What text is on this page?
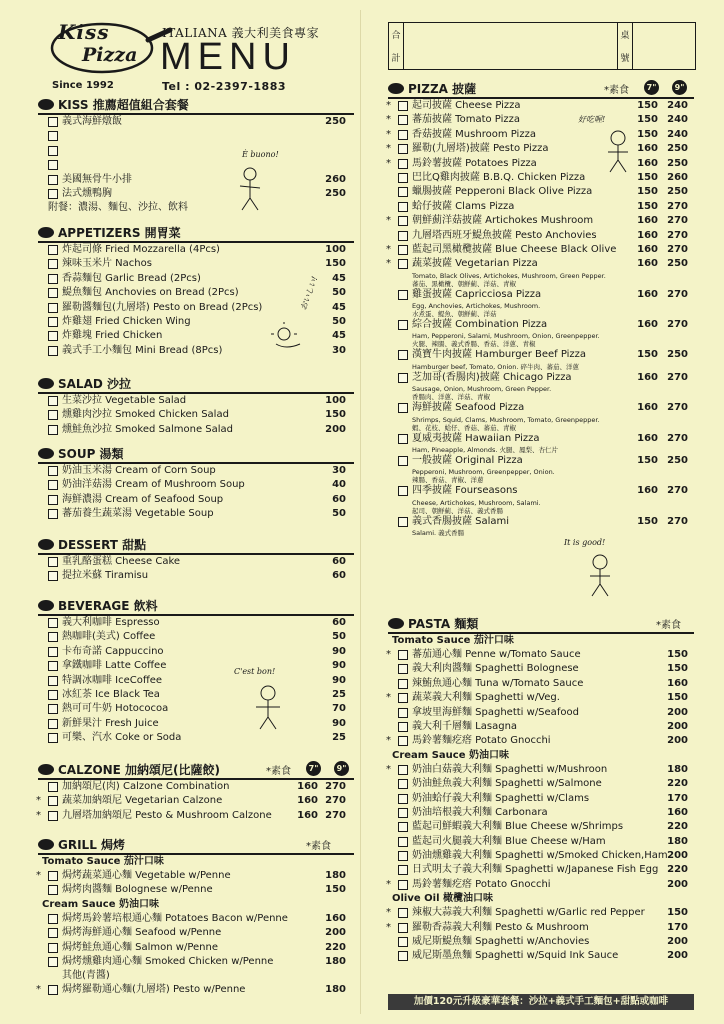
Kiss
Pizza
Since 1992
ITALIANA 義大利美食專家
MENU
Tel : 02-2397-1883
KISS 推薦超值組合套餐
義式海鮮燉飯	250
美國無骨牛小排	260
法式燻鴨胸	250
附餐：濃湯、麵包、沙拉、飲料
È buono!
APPETIZERS 開胃菜
炸起司條 Fried Mozzarella (4Pcs)	100
辣味玉米片 Nachos	150
香蒜麵包 Garlic Bread (2Pcs)	45
鯷魚麵包 Anchovies on Bread (2Pcs)	50
羅勒醬麵包(九層塔) Pesto on Bread (2Pcs)	45
炸雞翅 Fried Chicken Wing	50
炸雞塊 Fried Chicken	45
義式手工小麵包 Mini Bread (8Pcs)	30
おいしい!
SALAD 沙拉
生菜沙拉 Vegetable Salad	100
燻雞肉沙拉 Smoked Chicken Salad	150
燻鮭魚沙拉 Smoked Salmone Salad	200
SOUP 湯類
奶油玉米湯 Cream of Corn Soup	30
奶油洋菇湯 Cream of Mushroom Soup	40
海鮮濃湯 Cream of Seafood Soup	60
蕃茄養生蔬菜湯 Vegetable Soup	50
DESSERT 甜點
重乳酪蛋糕 Cheese Cake	60
提拉米蘇 Tiramisu	60
BEVERAGE 飲料
義大利咖啡 Espresso	60
熱咖啡(美式) Coffee	50
卡布奇諾 Cappuccino	90
拿鐵咖啡 Latte Coffee	90
特調冰咖啡 IceCoffee	90
冰紅茶 Ice Black Tea	25
熱可可牛奶 Hotococoa	70
新鮮果汁 Fresh Juice	90
可樂、汽水 Coke or Soda	25
C'est bon!
CALZONE 加納頌尼(比薩餃)	*素食	7"	9"
加納頌尼(肉) Calzone Combination	160 270
* 蔬菜加納頌尼 Vegetarian Calzone	160 270
* 九層塔加納頌尼 Pesto & Mushroom Calzone	160 270
GRILL 焗烤	*素食
Tomato Sauce 茄汁口味
* 焗烤蔬菜通心麵 Vegetable w/Penne	180
焗烤肉醬麵 Bolognese w/Penne	150
Cream Sauce 奶油口味
焗烤馬鈴薯培根通心麵 Potatoes Bacon w/Penne	160
焗烤海鮮通心麵 Seafood w/Penne	200
焗烤鮭魚通心麵 Salmon w/Penne	220
焗烤燻雞肉通心麵 Smoked Chicken w/Penne	180
其他(青醬)
* 焗烤羅勒通心麵(九層塔) Pesto w/Penne	180
合
計
桌
號
PIZZA 披薩	*素食	7"	9"
* 起司披薩 Cheese Pizza	150 240
* 蕃茄披薩 Tomato Pizza	150 240
* 香菇披薩 Mushroom Pizza	150 240
* 羅勒(九層塔)披薩 Pesto Pizza	160 250
* 馬鈴薯披薩 Potatoes Pizza	160 250
巴比Q雞肉披薩 B.B.Q. Chicken Pizza	150 260
蠟腸披薩 Pepperoni Black Olive Pizza	150 250
蛤仔披薩 Clams Pizza	150 270
* 朝鮮薊洋菇披薩 Artichokes Mushroom	160 270
九層塔西班牙鯷魚披薩 Pesto Anchovies	160 270
* 藍起司黑橄欖披薩 Blue Cheese Black Olive	160 270
* 蔬菜披薩 Vegetarian Pizza	160 250
Tomato, Black Olives, Artichokes, Mushroom, Green Pepper.
蕃茄、黑橄欖、朝鮮薊、洋菇、青椒
雞蛋披薩 Capricciosa Pizza	160 270
Egg, Anchovies, Artichokes, Mushroom.
水煮蛋、鯷魚、朝鮮薊、洋菇
綜合披薩 Combination Pizza	160 270
Ham, Pepperoni, Salami, Mushroom, Onion, Greenpepper.
火腿、辣腸、義式香腸、香菇、洋蔥、青椒
漢寶牛肉披薩 Hamburger Beef Pizza	150 250
Hamburger beef, Tomato, Onion. 碎牛肉、蕃茄、洋蔥
芝加哥(香腸肉)披薩 Chicago Pizza	160 270
Sausage, Onion, Mushroom, Green Pepper.
香腸肉、洋蔥、洋菇、青椒
海鮮披薩 Seafood Pizza	160 270
Shrimps, Squid, Clams, Mushroom, Tomato, Greenpepper.
蝦、花枝、蛤仔、香菇、蕃茄、青椒
夏威夷披薩 Hawaiian Pizza	160 270
Ham, Pineapple, Almonds. 火腿、鳳梨、杏仁片
一般披薩 Original Pizza	150 250
Pepperoni, Mushroom, Greenpepper, Onion.
辣腸、香菇、青椒、洋蔥
四季披薩 Fourseasons	160 270
Cheese, Artichokes, Mushroom, Salami.
起司、朝鮮薊、洋菇、義式香腸
義式香腸披薩 Salami	150 270
Salami. 義式香腸
好吃喔!
It is good!
PASTA 麵類	*素食
Tomato Sauce 茄汁口味
* 蕃茄通心麵 Penne w/Tomato Sauce	150
義大利肉醬麵 Spaghetti Bolognese	150
辣鮪魚通心麵 Tuna w/Tomato Sauce	160
* 蔬菜義大利麵 Spaghetti w/Veg.	150
拿坡里海鮮麵 Spaghetti w/Seafood	200
義大利千層麵 Lasagna	200
* 馬鈴薯麵疙瘩 Potato Gnocchi	200
Cream Sauce 奶油口味
* 奶油白菇義大利麵 Spaghetti w/Mushroon	180
奶油鮭魚義大利麵 Spaghetti w/Salmone	220
奶油蛤仔義大利麵 Spaghetti w/Clams	170
奶油培根義大利麵 Carbonara	160
藍起司鮮蝦義大利麵 Blue Cheese w/Shrimps	220
藍起司火腿義大利麵 Blue Cheese w/Ham	180
奶油燻雞義大利麵 Spaghetti w/Smoked Chicken,Ham 200
日式明太子義大利麵 Spaghetti w/Japanese Fish Egg 220
* 馬鈴薯麵疙瘩 Potato Gnocchi	200
Olive Oil 橄欖油口味
* 辣椒大蒜義大利麵 Spaghetti w/Garlic red Pepper	150
* 羅勒香蒜義大利麵 Pesto & Mushroom	170
威尼斯鯷魚麵 Spaghetti w/Anchovies	200
威尼斯墨魚麵 Spaghetti w/Squid Ink Sauce	200
加價120元升級豪華套餐：沙拉+義式手工麵包+甜點或咖啡
